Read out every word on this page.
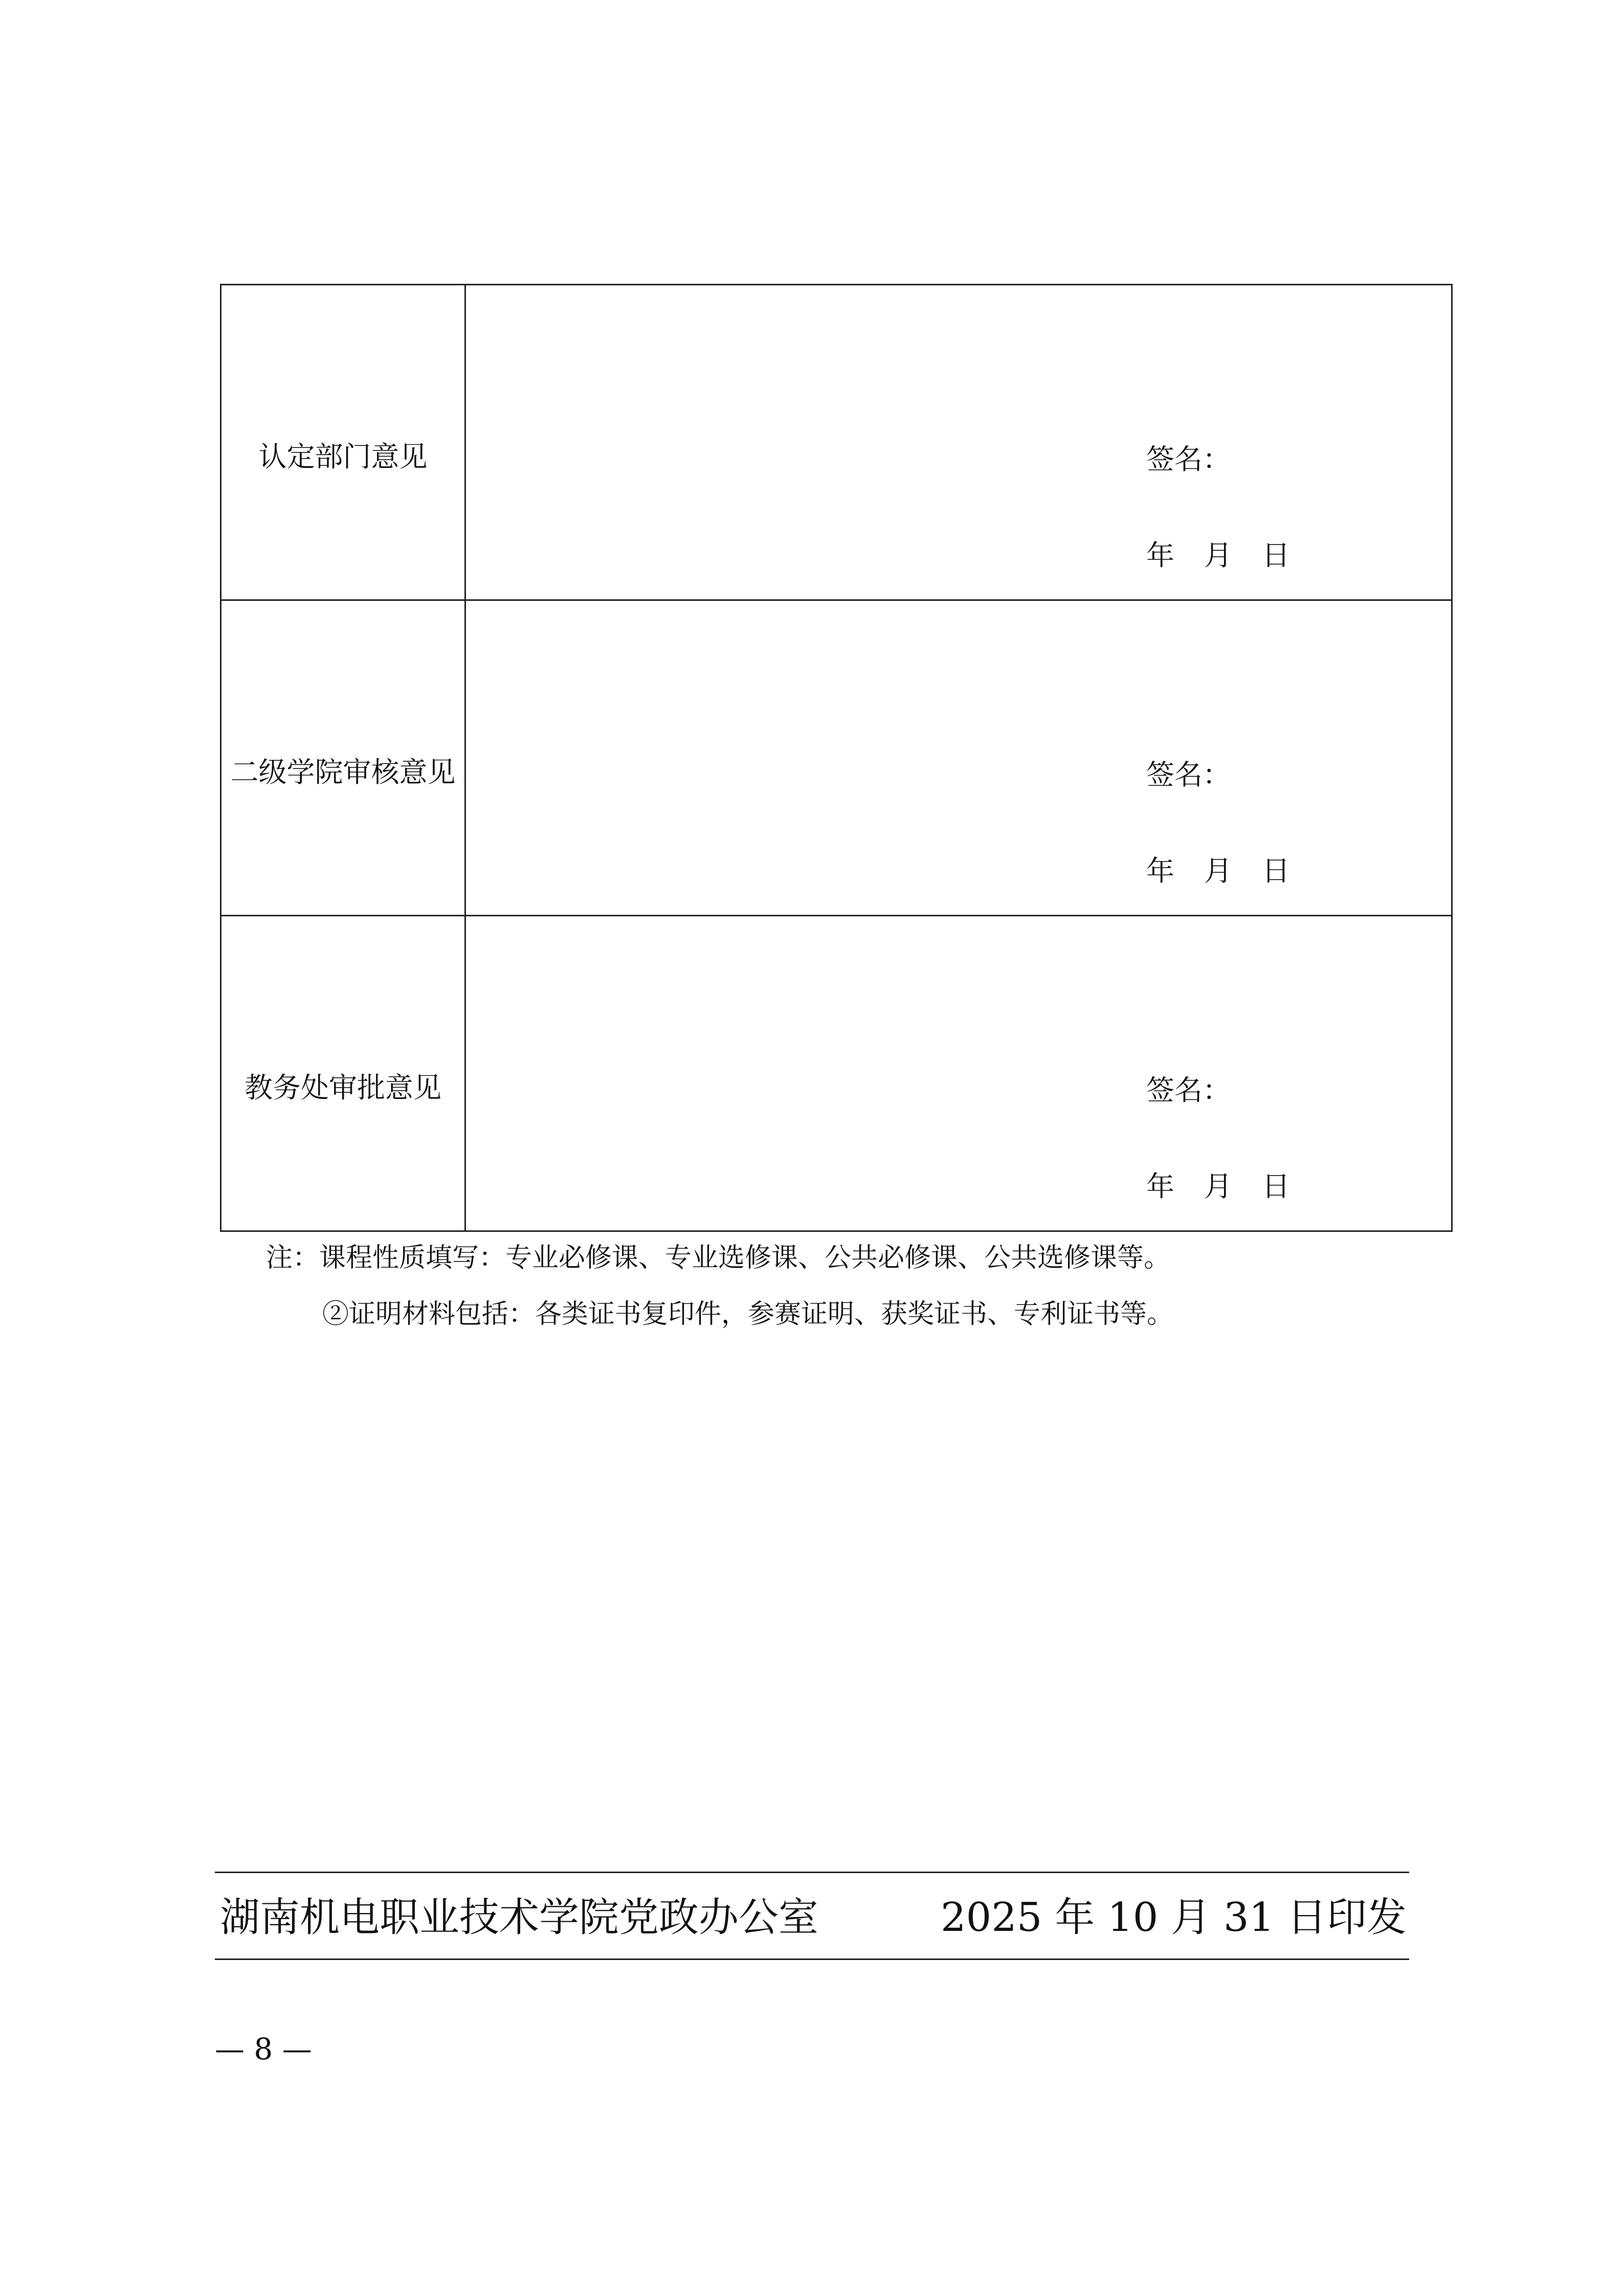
认定部门意见	签名：
年 月 日

二级学院审核意见	签名：
年 月 日

教务处审批意见	签名：
年 月 日
注：课程性质填写：专业必修课、专业选修课、公共必修课、公共选修课等。
②证明材料包括：各类证书复印件，参赛证明、获奖证书、专利证书等。
湖南机电职业技术学院党政办公室	2025 年 10 月 31 日印发
— 8 —
